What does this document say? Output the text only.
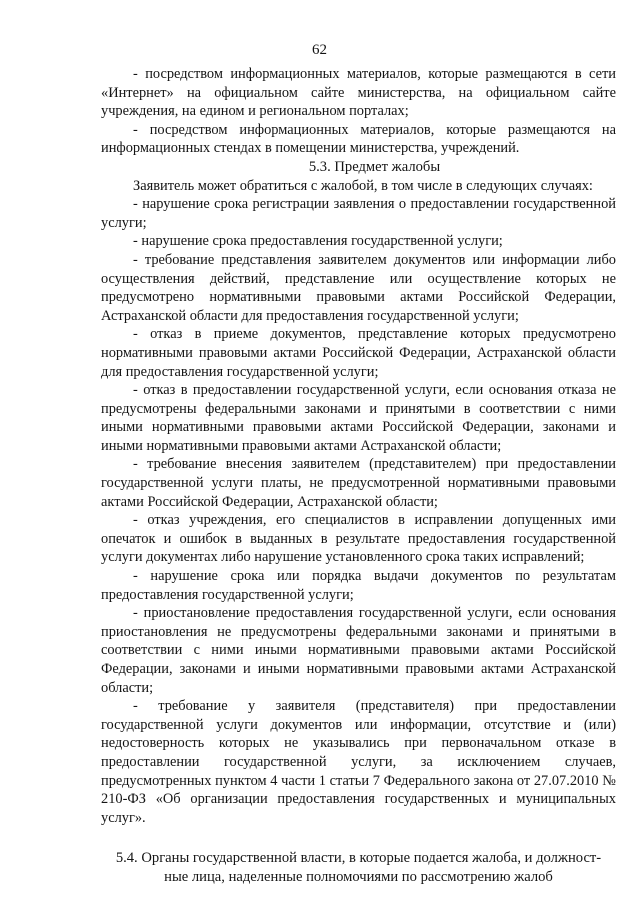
62

- посредством информационных материалов, которые размещаются в сети «Интернет» на официальном сайте министерства, на официальном сайте учреждения, на едином и региональном порталах;

- посредством информационных материалов, которые размещаются на информационных стендах в помещении министерства, учреждений.

5.3. Предмет жалобы

Заявитель может обратиться с жалобой, в том числе в следующих случаях:

- нарушение срока регистрации заявления о предоставлении государственной услуги;

- нарушение срока предоставления государственной услуги;

- требование представления заявителем документов или информации либо осуществления действий, представление или осуществление которых не предусмотрено нормативными правовыми актами Российской Федерации, Астраханской области для предоставления государственной услуги;

- отказ в приеме документов, представление которых предусмотрено нормативными правовыми актами Российской Федерации, Астраханской области для предоставления государственной услуги;

- отказ в предоставлении государственной услуги, если основания отказа не предусмотрены федеральными законами и принятыми в соответствии с ними иными нормативными правовыми актами Российской Федерации, законами и иными нормативными правовыми актами Астраханской области;

- требование внесения заявителем (представителем) при предоставлении государственной услуги платы, не предусмотренной нормативными правовыми актами Российской Федерации, Астраханской области;

- отказ учреждения, его специалистов в исправлении допущенных ими опечаток и ошибок в выданных в результате предоставления государственной услуги документах либо нарушение установленного срока таких исправлений;

- нарушение срока или порядка выдачи документов по результатам предоставления государственной услуги;

- приостановление предоставления государственной услуги, если основания приостановления не предусмотрены федеральными законами и принятыми в соответствии с ними иными нормативными правовыми актами Российской Федерации, законами и иными нормативными правовыми актами Астраханской области;

- требование у заявителя (представителя) при предоставлении государственной услуги документов или информации, отсутствие и (или) недостоверность которых не указывались при первоначальном отказе в предоставлении государственной услуги, за исключением случаев, предусмотренных пунктом 4 части 1 статьи 7 Федерального закона от 27.07.2010 № 210-ФЗ «Об организации предоставления государственных и муниципальных услуг».

5.4. Органы государственной власти, в которые подается жалоба, и должност-

ные лица, наделенные полномочиями по рассмотрению жалоб
